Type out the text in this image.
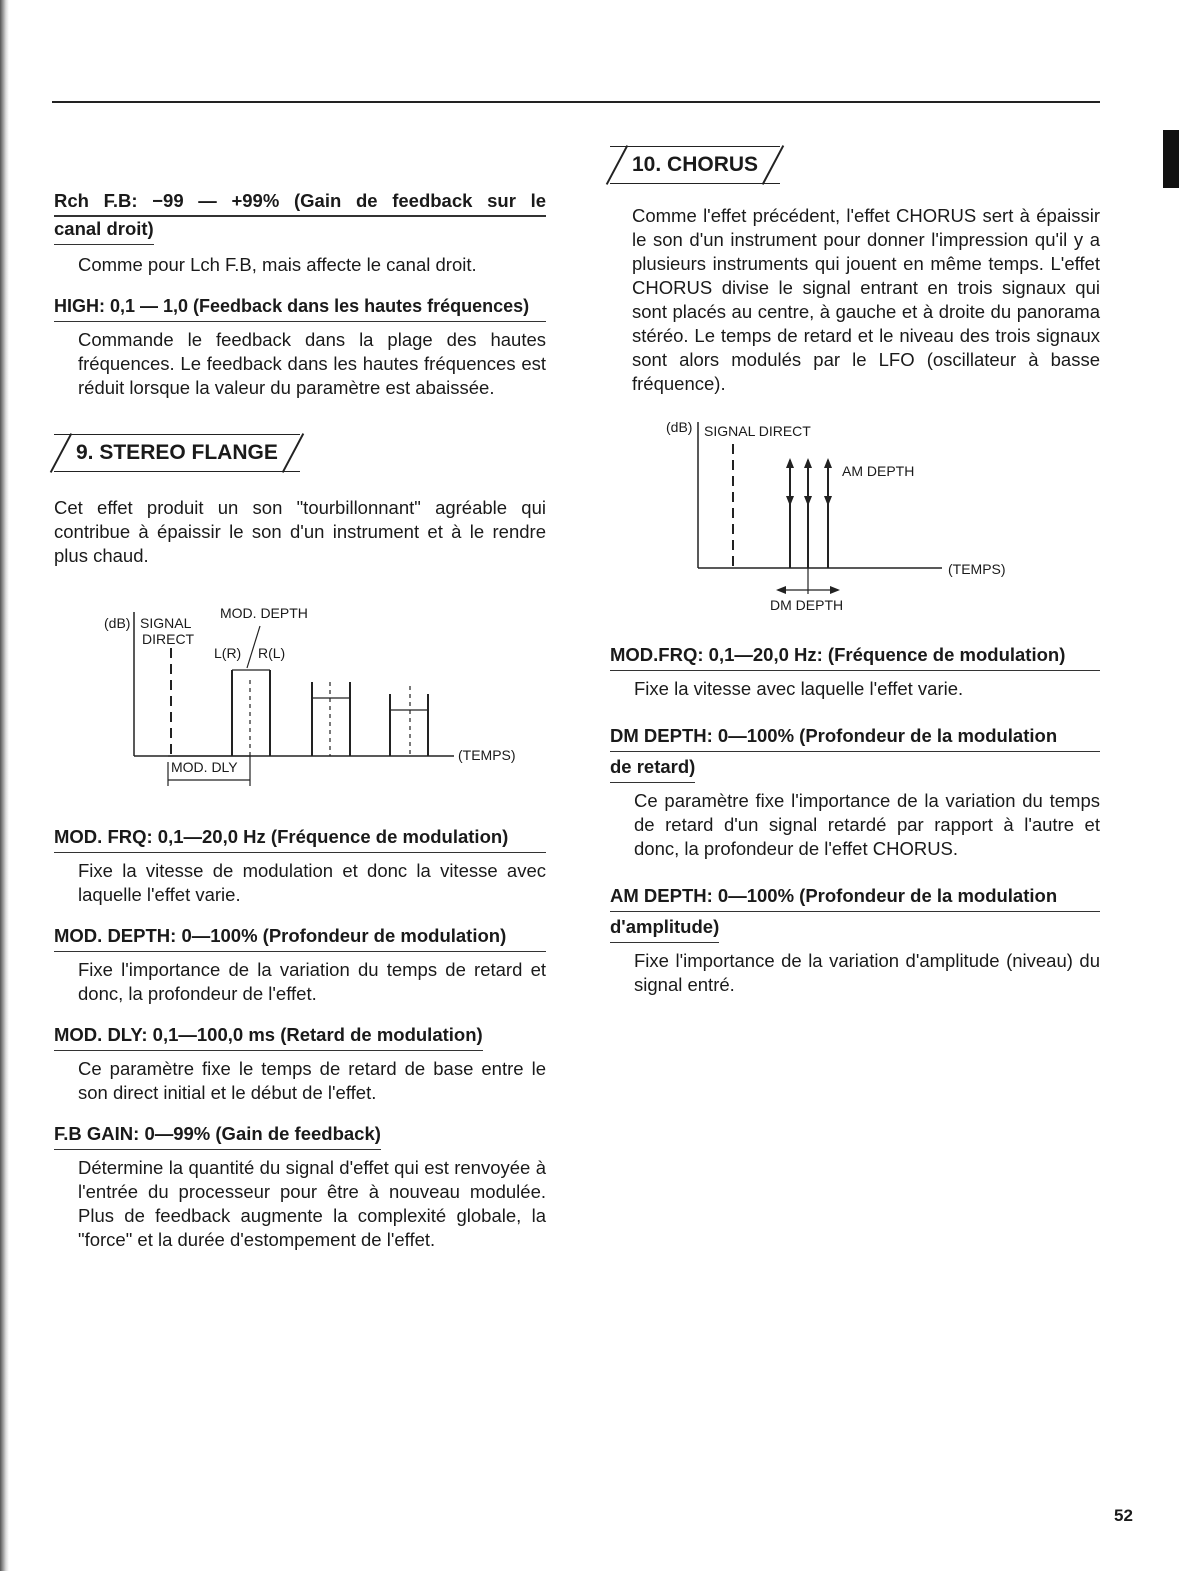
Rch F.B: −99 — +99% (Gain de feedback sur le
canal droit)

Comme pour Lch F.B, mais affecte le canal droit.

HIGH: 0,1 — 1,0 (Feedback dans les hautes fréquences)

Commande le feedback dans la plage des hautes fréquences. Le feedback dans les hautes fréquences est réduit lorsque la valeur du paramètre est abaissée.

9. STEREO FLANGE

Cet effet produit un son "tourbillonnant" agréable qui contribue à épaissir le son d'un instrument et à le rendre plus chaud.

(dB) SIGNAL
DIRECT
MOD. DEPTH
L(R) R(L)
(TEMPS)
MOD. DLY
MOD. FRQ: 0,1—20,0 Hz (Fréquence de modulation)

Fixe la vitesse de modulation et donc la vitesse avec laquelle l'effet varie.

MOD. DEPTH: 0—100% (Profondeur de modulation)

Fixe l'importance de la variation du temps de retard et donc, la profondeur de l'effet.

MOD. DLY: 0,1—100,0 ms (Retard de modulation)

Ce paramètre fixe le temps de retard de base entre le son direct initial et le début de l'effet.

F.B GAIN: 0—99% (Gain de feedback)

Détermine la quantité du signal d'effet qui est renvoyée à l'entrée du processeur pour être à nouveau modulée. Plus de feedback augmente la complexité globale, la "force" et la durée d'estompement de l'effet.

10. CHORUS

Comme l'effet précédent, l'effet CHORUS sert à épaissir le son d'un instrument pour donner l'impression qu'il y a plusieurs instruments qui jouent en même temps. L'effet CHORUS divise le signal entrant en trois signaux qui sont placés au centre, à gauche et à droite du panorama stéréo. Le temps de retard et le niveau des trois signaux sont alors modulés par le LFO (oscillateur à basse fréquence).

(dB) SIGNAL DIRECT
AM DEPTH
(TEMPS)
DM DEPTH
MOD.FRQ: 0,1—20,0 Hz: (Fréquence de modulation)

Fixe la vitesse avec laquelle l'effet varie.

DM DEPTH: 0—100% (Profondeur de la modulation
de retard)

Ce paramètre fixe l'importance de la variation du temps de retard d'un signal retardé par rapport à l'autre et donc, la profondeur de l'effet CHORUS.

AM DEPTH: 0—100% (Profondeur de la modulation
d'amplitude)

Fixe l'importance de la variation d'amplitude (niveau) du signal entré.

52
